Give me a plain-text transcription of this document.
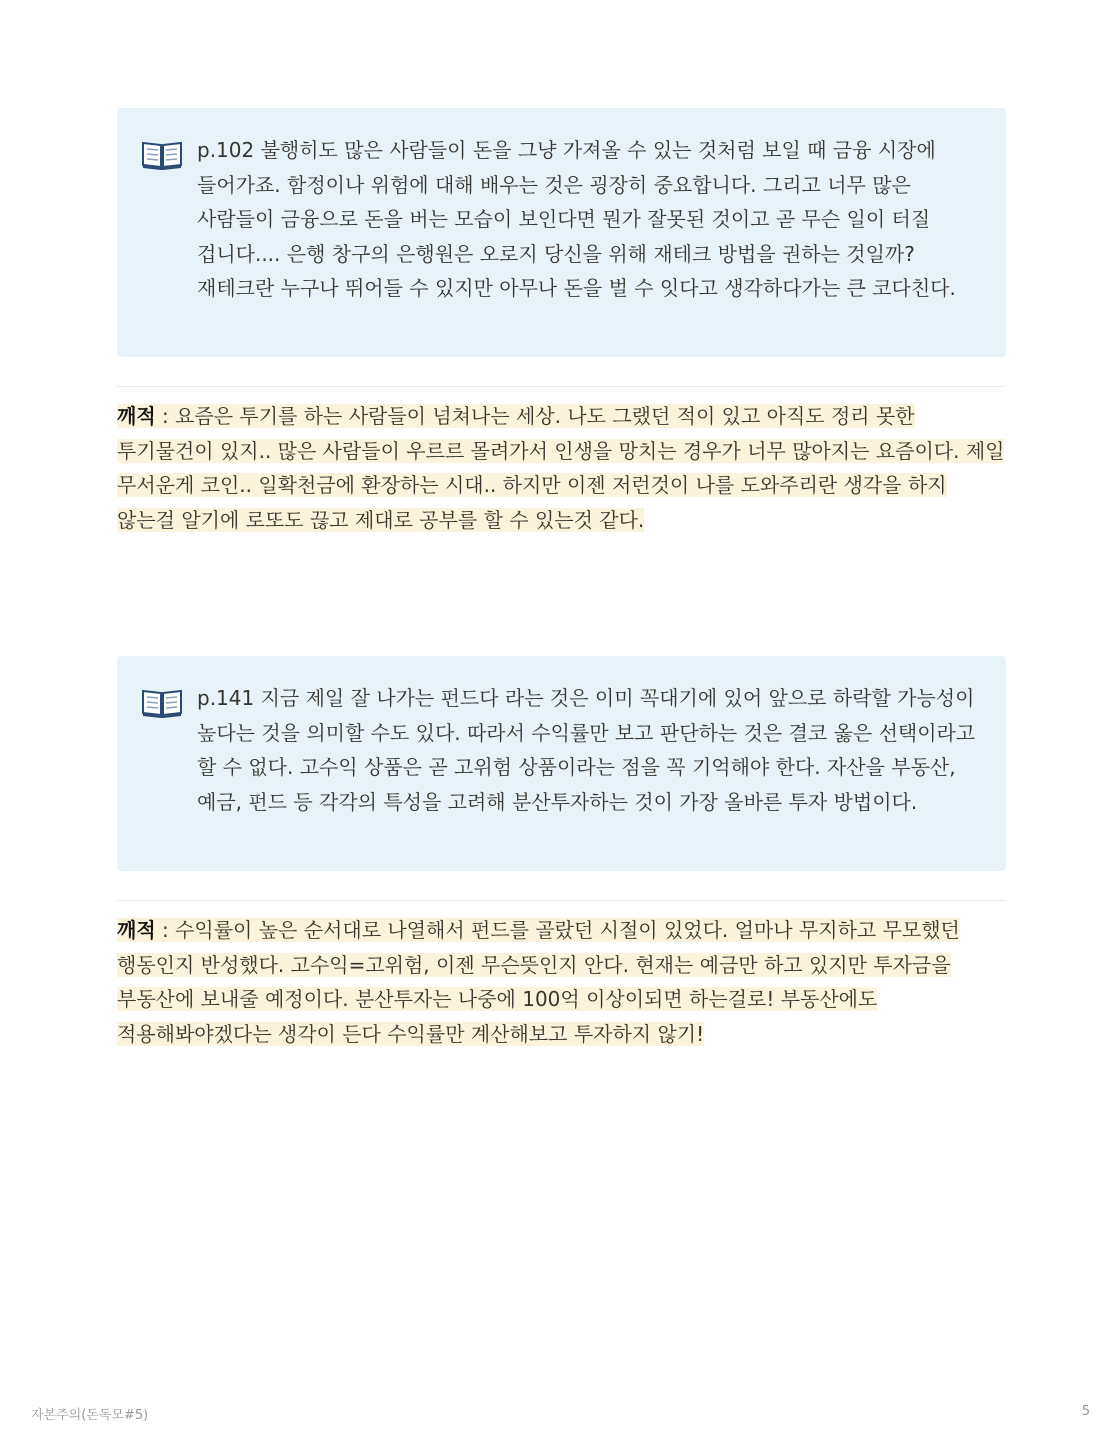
p.102 불행히도 많은 사람들이 돈을 그냥 가져올 수 있는 것처럼 보일 때 금융 시장에 들어가죠. 함정이나 위험에 대해 배우는 것은 굉장히 중요합니다. 그리고 너무 많은 사람들이 금융으로 돈을 버는 모습이 보인다면 뭔가 잘못된 것이고 곧 무슨 일이 터질 겁니다.... 은행 창구의 은행원은 오로지 당신을 위해 재테크 방법을 권하는 것일까? 재테크란 누구나 뛰어들 수 있지만 아무나 돈을 벌 수 잇다고 생각하다가는 큰 코다친다.
깨적 : 요즘은 투기를 하는 사람들이 넘쳐나는 세상. 나도 그랬던 적이 있고 아직도 정리 못한 투기물건이 있지.. 많은 사람들이 우르르 몰려가서 인생을 망치는 경우가 너무 많아지는 요즘이다. 제일 무서운게 코인.. 일확천금에 환장하는 시대.. 하지만 이젠 저런것이 나를 도와주리란 생각을 하지 않는걸 알기에 로또도 끊고 제대로 공부를 할 수 있는것 같다.
p.141 지금 제일 잘 나가는 펀드다 라는 것은 이미 꼭대기에 있어 앞으로 하락할 가능성이 높다는 것을 의미할 수도 있다. 따라서 수익률만 보고 판단하는 것은 결코 옳은 선택이라고 할 수 없다. 고수익 상품은 곧 고위험 상품이라는 점을 꼭 기억해야 한다. 자산을 부동산, 예금, 펀드 등 각각의 특성을 고려해 분산투자하는 것이 가장 올바른 투자 방법이다.
깨적 : 수익률이 높은 순서대로 나열해서 펀드를 골랐던 시절이 있었다. 얼마나 무지하고 무모했던 행동인지 반성했다. 고수익=고위험, 이젠 무슨뜻인지 안다. 현재는 예금만 하고 있지만 투자금을 부동산에 보내줄 예정이다. 분산투자는 나중에 100억 이상이되면 하는걸로! 부동산에도 적용해봐야겠다는 생각이 든다 수익률만 계산해보고 투자하지 않기!
자본주의(돈독모#5)	5
